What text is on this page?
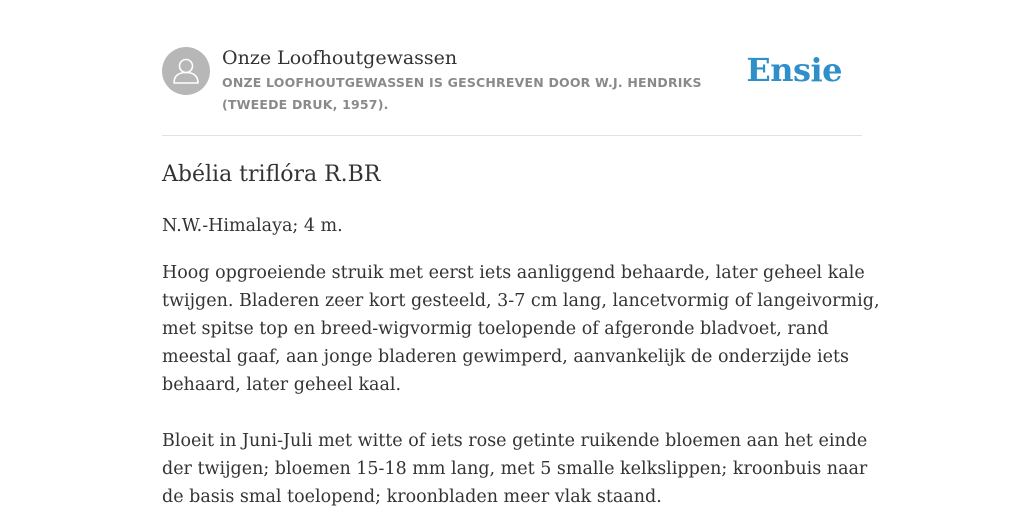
Onze Loofhoutgewassen
ONZE LOOFHOUTGEWASSEN IS GESCHREVEN DOOR W.J. HENDRIKS (TWEEDE DRUK, 1957).
Ensie
Abélia triflóra R.BR
N.W.-Himalaya; 4 m.
Hoog opgroeiende struik met eerst iets aanliggend behaarde, later geheel kale
twijgen. Bladeren zeer kort gesteeld, 3-7 cm lang, lancetvormig of langeivormig,
met spitse top en breed-wigvormig toelopende of afgeronde bladvoet, rand
meestal gaaf, aan jonge bladeren gewimperd, aanvankelijk de onderzijde iets
behaard, later geheel kaal.
Bloeit in Juni-Juli met witte of iets rose getinte ruikende bloemen aan het einde
der twijgen; bloemen 15-18 mm lang, met 5 smalle kelkslippen; kroonbuis naar
de basis smal toelopend; kroonbladen meer vlak staand.
